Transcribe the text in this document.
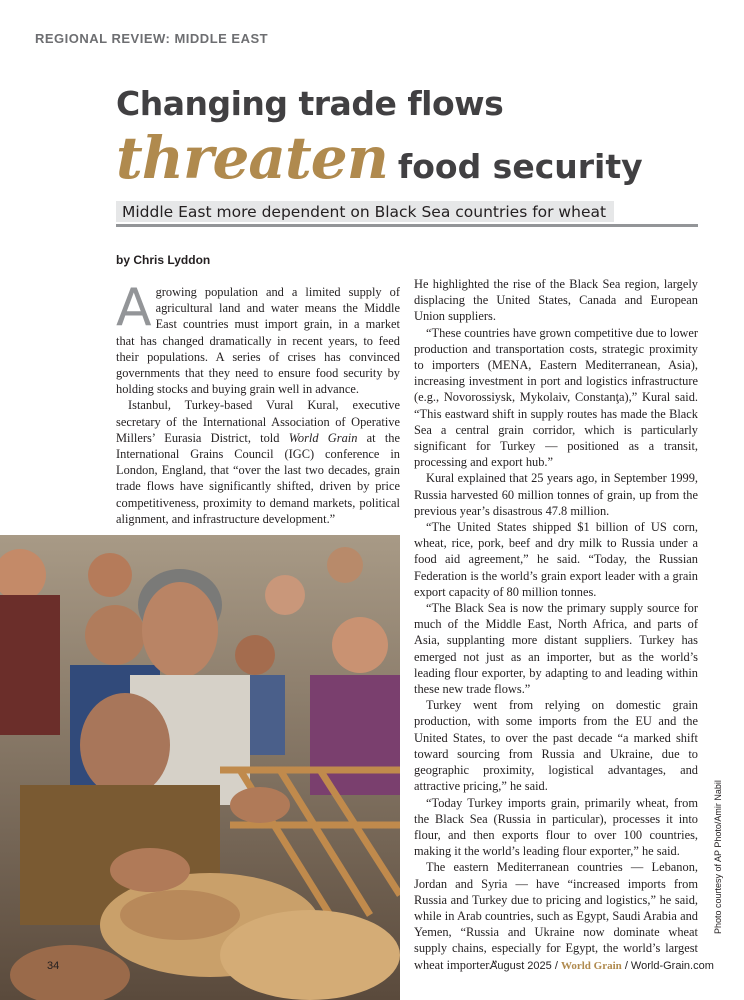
REGIONAL REVIEW: MIDDLE EAST
Changing trade flows
threaten food security
Middle East more dependent on Black Sea countries for wheat
by Chris Lyddon

Agrowing population and a limited supply of agricultural land and water means the Middle East countries must import grain, in a market that has changed dramatically in recent years, to feed their populations. A series of crises has convinced governments that they need to ensure food security by holding stocks and buying grain well in advance.

Istanbul, Turkey-based Vural Kural, executive secretary of the International Association of Operative Millers’ Eurasia District, told World Grain at the International Grains Council (IGC) conference in London, England, that “over the last two decades, grain trade flows have significantly shifted, driven by price competitiveness, proximity to demand markets, political alignment, and infrastructure development.”

He highlighted the rise of the Black Sea region, largely displacing the United States, Canada and European Union suppliers.

“These countries have grown competitive due to lower production and transportation costs, strategic proximity to importers (MENA, Eastern Mediterranean, Asia), increasing investment in port and logistics infrastructure (e.g., Novorossiysk, Mykolaiv, Constanţa),” Kural said. “This eastward shift in supply routes has made the Black Sea a central grain corridor, which is particularly significant for Turkey — positioned as a transit, processing and export hub.”

Kural explained that 25 years ago, in September 1999, Russia harvested 60 million tonnes of grain, up from the previous year’s disastrous 47.8 million.

“The United States shipped $1 billion of US corn, wheat, rice, pork, beef and dry milk to Russia under a food aid agreement,” he said. “Today, the Russian Federation is the world’s grain export leader with a grain export capacity of 80 million tonnes.

“The Black Sea is now the primary supply source for much of the Middle East, North Africa, and parts of Asia, supplanting more distant suppliers. Turkey has emerged not just as an importer, but as the world’s leading flour exporter, by adapting to and leading within these new trade flows.”

Turkey went from relying on domestic grain production, with some imports from the EU and the United States, to over the past decade “a marked shift toward sourcing from Russia and Ukraine, due to geographic proximity, logistical advantages, and attractive pricing,” he said.

“Today Turkey imports grain, primarily wheat, from the Black Sea (Russia in particular), processes it into flour, and then exports flour to over 100 countries, making it the world’s leading flour exporter,” he said.

The eastern Mediterranean countries — Lebanon, Jordan and Syria — have “increased imports from Russia and Turkey due to pricing and logistics,” he said, while in Arab countries, such as Egypt, Saudi Arabia and Yemen, “Russia and Ukraine now dominate wheat supply chains, especially for Egypt, the world’s largest wheat importer.”

Photo courtesy of AP Photo/Amir Nabil
34	August 2025 / World Grain / World-Grain.com
